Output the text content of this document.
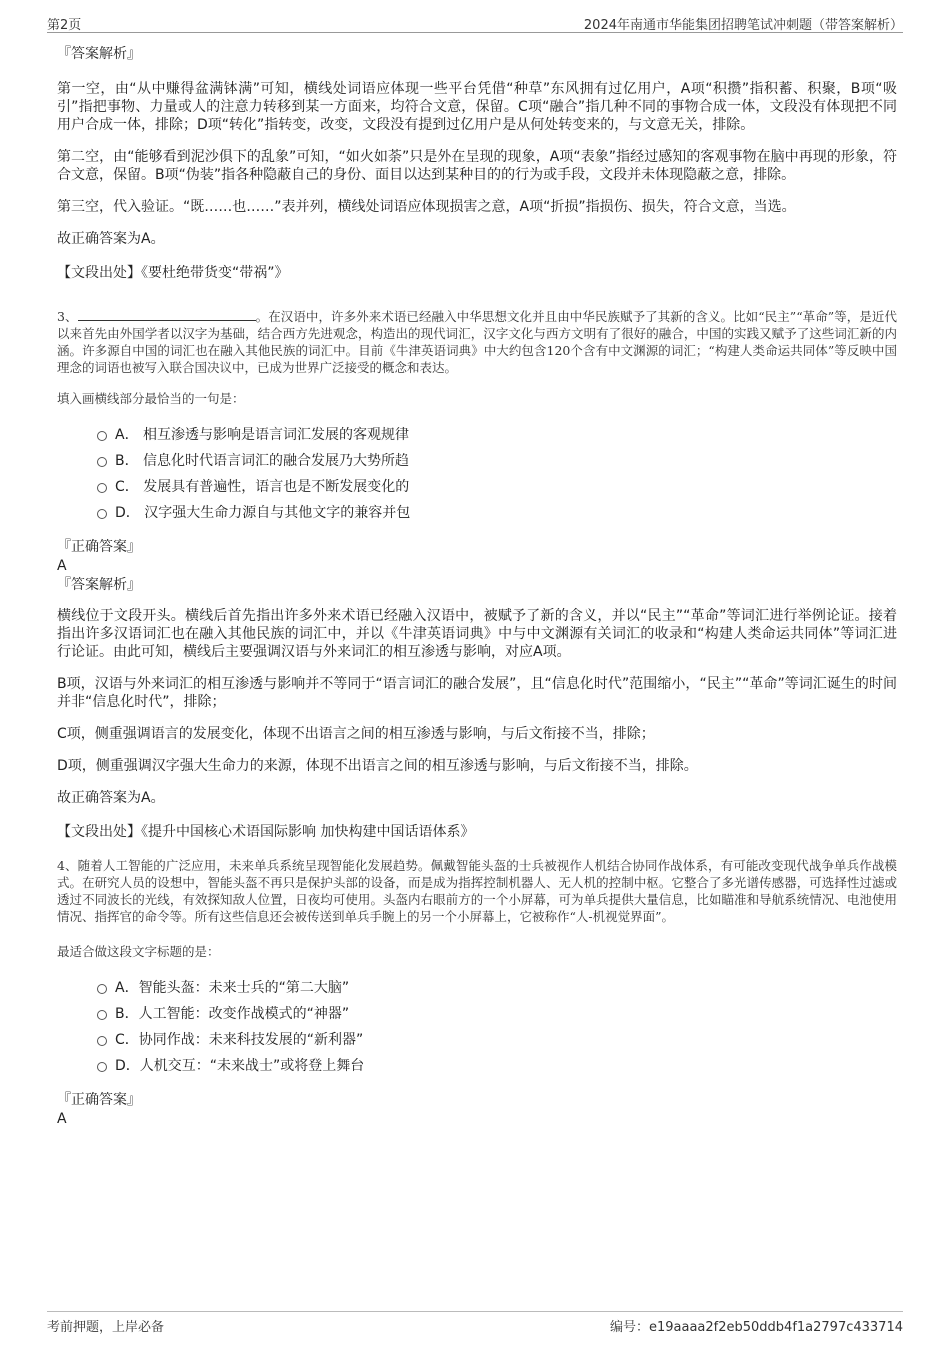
第2页	2024年南通市华能集团招聘笔试冲刺题（带答案解析）
『答案解析』

第一空，由“从中赚得盆满钵满”可知，横线处词语应体现一些平台凭借“种草”东风拥有过亿用户，A项“积攒”指积蓄、积聚，B项“吸引”指把事物、力量或人的注意力转移到某一方面来，均符合文意，保留。C项“融合”指几种不同的事物合成一体，文段没有体现把不同用户合成一体，排除；D项“转化”指转变，改变，文段没有提到过亿用户是从何处转变来的，与文意无关，排除。

第二空，由“能够看到泥沙俱下的乱象”可知，“如火如荼”只是外在呈现的现象，A项“表象”指经过感知的客观事物在脑中再现的形象，符合文意，保留。B项“伪装”指各种隐蔽自己的身份、面目以达到某种目的的行为或手段，文段并未体现隐蔽之意，排除。

第三空，代入验证。“既……也……”表并列，横线处词语应体现损害之意，A项“折损”指损伤、损失，符合文意，当选。

故正确答案为A。

【文段出处】《要杜绝带货变“带祸”》

3、	。在汉语中，许多外来术语已经融入中华思想文化并且由中华民族赋予了其新的含义。比如“民主”“革命”等，是近代以来首先由外国学者以汉字为基础，结合西方先进观念，构造出的现代词汇，汉字文化与西方文明有了很好的融合，中国的实践又赋予了这些词汇新的内涵。许多源自中国的词汇也在融入其他民族的词汇中。目前《牛津英语词典》中大约包含120个含有中文渊源的词汇；“构建人类命运共同体”等反映中国理念的词语也被写入联合国决议中，已成为世界广泛接受的概念和表达。

填入画横线部分最恰当的一句是：

A． 相互渗透与影响是语言词汇发展的客观规律
B． 信息化时代语言词汇的融合发展乃大势所趋
C． 发展具有普遍性，语言也是不断发展变化的
D． 汉字强大生命力源自与其他文字的兼容并包
『正确答案』

A

『答案解析』

横线位于文段开头。横线后首先指出许多外来术语已经融入汉语中，被赋予了新的含义，并以“民主”“革命”等词汇进行举例论证。接着指出许多汉语词汇也在融入其他民族的词汇中，并以《牛津英语词典》中与中文渊源有关词汇的收录和“构建人类命运共同体”等词汇进行论证。由此可知，横线后主要强调汉语与外来词汇的相互渗透与影响，对应A项。

B项，汉语与外来词汇的相互渗透与影响并不等同于“语言词汇的融合发展”，且“信息化时代”范围缩小，“民主”“革命”等词汇诞生的时间并非“信息化时代”，排除；

C项，侧重强调语言的发展变化，体现不出语言之间的相互渗透与影响，与后文衔接不当，排除；

D项，侧重强调汉字强大生命力的来源，体现不出语言之间的相互渗透与影响，与后文衔接不当，排除。

故正确答案为A。

【文段出处】《提升中国核心术语国际影响 加快构建中国话语体系》

4、随着人工智能的广泛应用，未来单兵系统呈现智能化发展趋势。佩戴智能头盔的士兵被视作人机结合协同作战体系，有可能改变现代战争单兵作战模式。在研究人员的设想中，智能头盔不再只是保护头部的设备，而是成为指挥控制机器人、无人机的控制中枢。它整合了多光谱传感器，可选择性过滤或透过不同波长的光线，有效探知敌人位置，日夜均可使用。头盔内右眼前方的一个小屏幕，可为单兵提供大量信息，比如瞄准和导航系统情况、电池使用情况、指挥官的命令等。所有这些信息还会被传送到单兵手腕上的另一个小屏幕上，它被称作“人-机视觉界面”。

最适合做这段文字标题的是：

A．智能头盔：未来士兵的“第二大脑”
B．人工智能：改变作战模式的“神器”
C．协同作战：未来科技发展的“新利器”
D．人机交互：“未来战士”或将登上舞台
『正确答案』

A

考前押题，上岸必备	编号：e19aaaa2f2eb50ddb4f1a2797c433714
